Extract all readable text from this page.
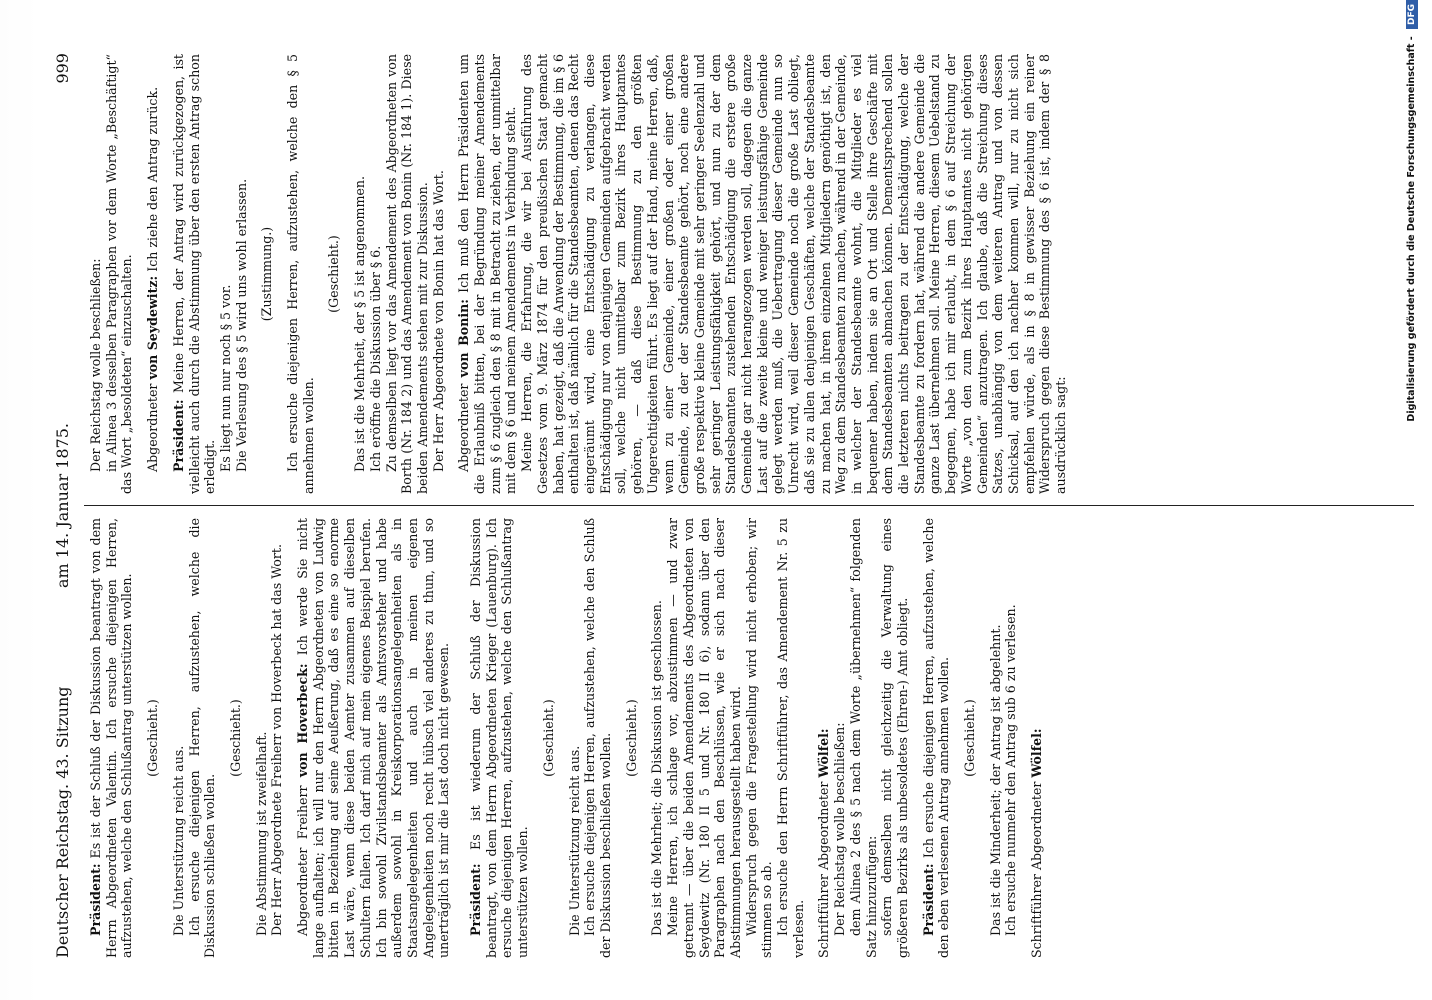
Deutscher Reichstag. 43. Sitzung
am 14. Januar 1875.
999

Präsident: Es ist der Schluß der Diskussion beantragt von dem Herrn Abgeordneten Valentin. Ich ersuche diejenigen Herren, aufzustehen, welche den Schlußantrag unterstützen wollen. (Geschieht.)

Die Unterstützung reicht aus. Ich ersuche diejenigen Herren, aufzustehen, welche die Diskussion schließen wollen.

(Geschieht.) Die Abstimmung ist zweifelhaft. Der Herr Abgeordnete Freiherr von Hoverbeck hat das Wort. Abgeordneter Freiherr von Hoverbeck: Ich werde Sie nicht lange aufhalten; ich will nur den Herrn Abgeordneten von Ludwig bitten in Beziehung auf seine Aeußerung, daß es eine so enorme Last wäre, wenn diese beiden Aemter zusammen auf dieselben Schultern fallen. Ich darf mich auf mein eigenes Beispiel berufen. Ich bin sowohl Zivilstandsbeamter als Amtsvorsteher und habe außerdem sowohl in Kreiskorporationsangelegenheiten als in Staatsangelegenheiten und auch in meinen eigenen Angelegenheiten noch recht hübsch viel anderes zu thun, und so unerträglich ist mir die Last doch nicht gewesen. Präsident: Es ist wiederum der Schluß der Diskussion beantragt, von dem Herrn Abgeordneten Krieger (Lauenburg). Ich ersuche diejenigen Herren, aufzustehen, welche den Schlußantrag unterstützen wollen.

(Geschieht.)

Die Unterstützung reicht aus. Ich ersuche diejenigen Herren, aufzustehen, welche den Schluß der Diskussion beschließen wollen. (Geschieht.) Das ist die Mehrheit; die Diskussion ist geschlossen. Meine Herren, ich schlage vor, abzustimmen — und zwar getrennt — über die beiden Amendements des Abgeordneten von Seydewitz (Nr. 180 II 5 und Nr. 180 II 6), sodann über den Paragraphen nach den Beschlüssen, wie er sich nach dieser Abstimmungen herausgestellt haben wird. Widerspruch gegen die Fragestellung wird nicht erhoben; wir stimmen so ab. Ich ersuche den Herrn Schriftführer, das Amendement Nr. 5 zu verlesen. Schriftführer Abgeordneter Wölfel: Der Reichstag wolle beschließen: dem Alinea 2 des § 5 nach dem Worte „übernehmen“ folgenden Satz hinzuzufügen: sofern demselben nicht gleichzeitig die Verwaltung eines größeren Bezirks als unbesoldetes (Ehren-) Amt obliegt. Präsident: Ich ersuche diejenigen Herren, aufzustehen, welche den eben verlesenen Antrag annehmen wollen. (Geschieht.) Das ist die Minderheit; der Antrag ist abgelehnt. Ich ersuche nunmehr den Antrag sub 6 zu verlesen. Schriftführer Abgeordneter Wölfel:

Der Reichstag wolle beschließen: in Alinea 3 desselben Paragraphen vor dem Worte „Beschäftigt“ das Wort „besoldeten“ einzuschalten. Abgeordneter von Seydewitz: Ich ziehe den Antrag zurück.

Präsident: Meine Herren, der Antrag wird zurückgezogen, ist vielleicht auch durch die Abstimmung über den ersten Antrag schon erledigt. Es liegt nun nur noch § 5 vor. Die Verlesung des § 5 wird uns wohl erlassen. (Zustimmung.) Ich ersuche diejenigen Herren, aufzustehen, welche den § 5 annehmen wollen.

(Geschieht.) Das ist die Mehrheit, der § 5 ist angenommen. Ich eröffne die Diskussion über § 6. Zu demselben liegt vor das Amendement des Abgeordneten von Borth (Nr. 184 2) und das Amendement von Bonin (Nr. 184 1). Diese beiden Amendements stehen mit zur Diskussion. Der Herr Abgeordnete von Bonin hat das Wort. Abgeordneter von Bonin: Ich muß den Herrn Präsidenten um die Erlaubniß bitten, bei der Begründung meiner Amendements zum § 6 zugleich den § 8 mit in Betracht zu ziehen, der unmittelbar mit dem § 6 und meinem Amendements in Verbindung steht. Meine Herren, die Erfahrung, die wir bei Ausführung des Gesetzes vom 9. März 1874 für den preußischen Staat gemacht haben, hat gezeigt, daß die Anwendung der Bestimmung, die im § 6 enthalten ist, daß nämlich für die Standesbeamten, denen das Recht eingeräumt wird, eine Entschädigung zu verlangen, diese Entschädigung nur von denjenigen Gemeinden aufgebracht werden soll, welche nicht unmittelbar zum Bezirk ihres Hauptamtes gehören, — daß diese Bestimmung zu den größten Ungerechtigkeiten führt. Es liegt auf der Hand, meine Herren, daß, wenn zu einer Gemeinde, einer großen oder einer großen Gemeinde, zu der der Standesbeamte gehört, noch eine andere große respektive kleine Gemeinde mit sehr geringer Seelenzahl und sehr geringer Leistungsfähigkeit gehört, und nun zu der dem Standesbeamten zustehenden Entschädigung die erstere große Gemeinde gar nicht herangezogen werden soll, dagegen die ganze Last auf die zweite kleine und weniger leistungsfähige Gemeinde gelegt werden muß, die Uebertragung dieser Gemeinde nun so Unrecht wird, weil dieser Gemeinde noch die große Last obliegt, daß sie zu allen denjenigen Geschäften, welche der Standesbeamte zu machen hat, in ihren einzelnen Mitgliedern genöthigt ist, den Weg zu dem Standesbeamten zu machen, während in der Gemeinde, in welcher der Standesbeamte wohnt, die Mitglieder es viel bequemer haben, indem sie an Ort und Stelle ihre Geschäfte mit dem Standesbeamten abmachen können. Dementsprechend sollen die letzteren nichts beitragen zu der Entschädigung, welche der Standesbeamte zu fordern hat, während die andere Gemeinde die ganze Last übernehmen soll. Meine Herren, diesem Uebelstand zu begegnen, habe ich mir erlaubt, in dem § 6 auf Streichung der Worte „von den zum Bezirk ihres Hauptamtes nicht gehörigen Gemeinden“ anzutragen. Ich glaube, daß die Streichung dieses Satzes, unabhängig von dem weiteren Antrag und von dessen Schicksal, auf den ich nachher kommen will, nur zu nicht sich empfehlen würde, als in § 8 in gewisser Beziehung ein reiner Widerspruch gegen diese Bestimmung des § 6 ist, indem der § 8 ausdrücklich sagt:

Digitalisierung gefördert durch die Deutsche Forschungsgemeinschaft - DFG
